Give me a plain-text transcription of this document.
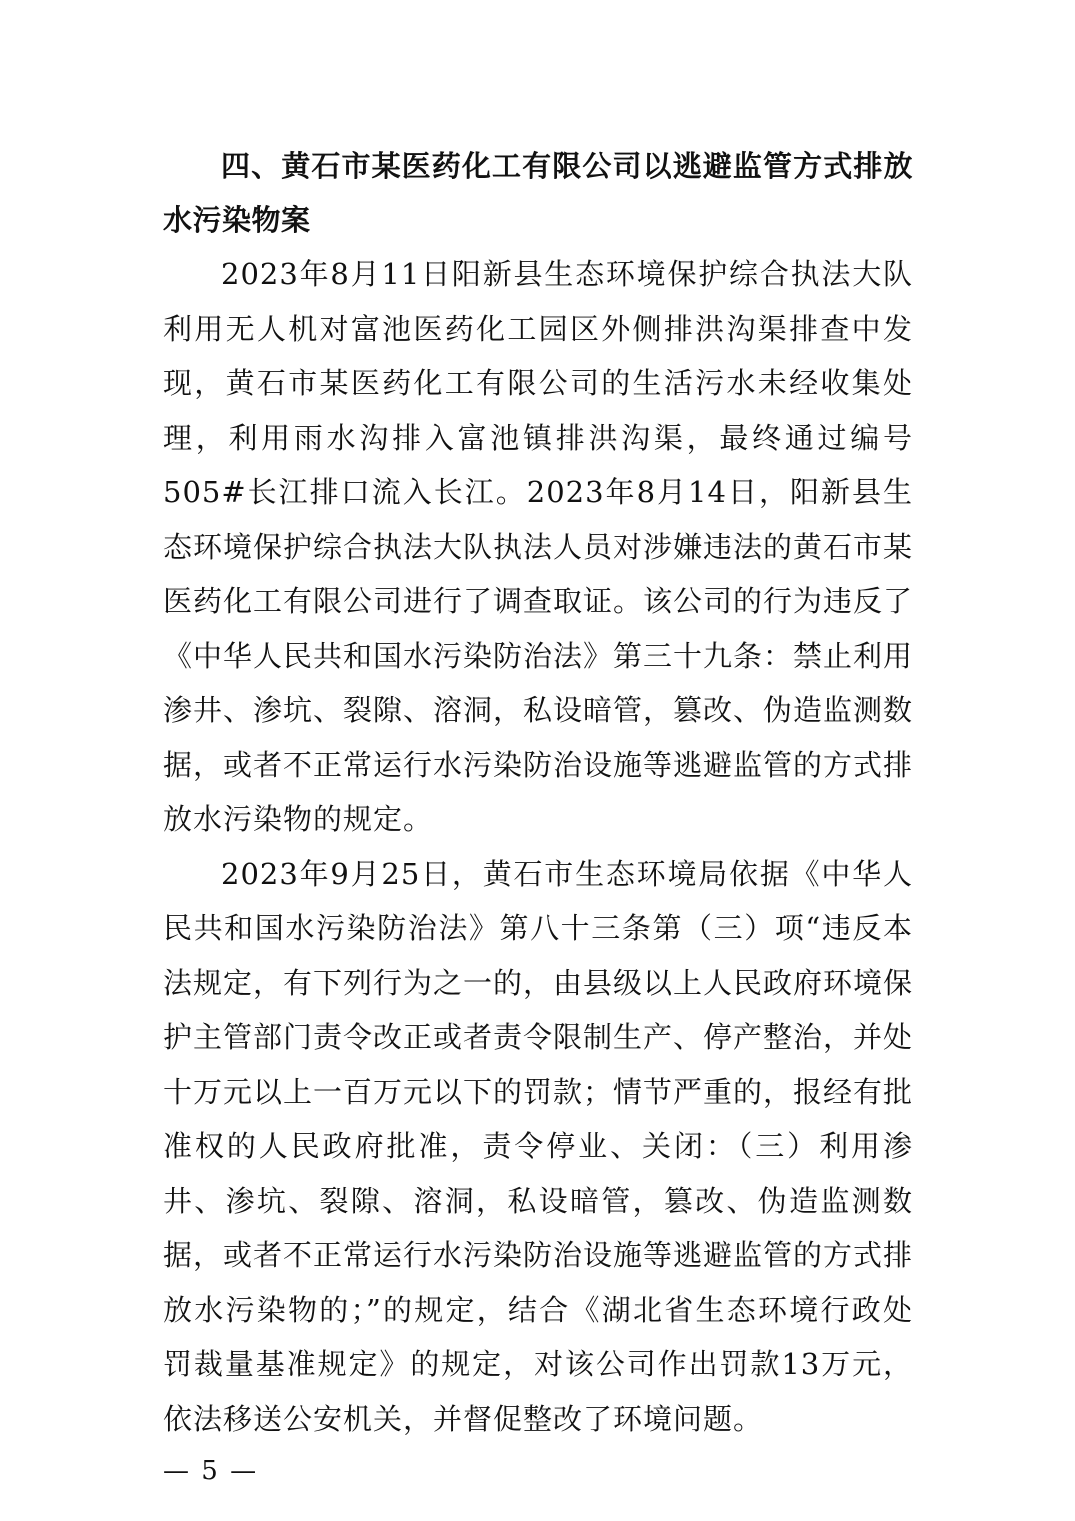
四、黄石市某医药化工有限公司以逃避监管方式排放水污染物案

2023年8月11日阳新县生态环境保护综合执法大队利用无人机对富池医药化工园区外侧排洪沟渠排查中发现，黄石市某医药化工有限公司的生活污水未经收集处理，利用雨水沟排入富池镇排洪沟渠，最终通过编号505#长江排口流入长江。2023年8月14日，阳新县生态环境保护综合执法大队执法人员对涉嫌违法的黄石市某医药化工有限公司进行了调查取证。该公司的行为违反了《中华人民共和国水污染防治法》第三十九条：禁止利用渗井、渗坑、裂隙、溶洞，私设暗管，篡改、伪造监测数据，或者不正常运行水污染防治设施等逃避监管的方式排放水污染物的规定。

2023年9月25日，黄石市生态环境局依据《中华人民共和国水污染防治法》第八十三条第（三）项“违反本法规定，有下列行为之一的，由县级以上人民政府环境保护主管部门责令改正或者责令限制生产、停产整治，并处十万元以上一百万元以下的罚款；情节严重的，报经有批准权的人民政府批准，责令停业、关闭：（三）利用渗井、渗坑、裂隙、溶洞，私设暗管，篡改、伪造监测数据，或者不正常运行水污染防治设施等逃避监管的方式排放水污染物的；”的规定，结合《湖北省生态环境行政处罚裁量基准规定》的规定，对该公司作出罚款13万元，依法移送公安机关，并督促整改了环境问题。

— 5 —
